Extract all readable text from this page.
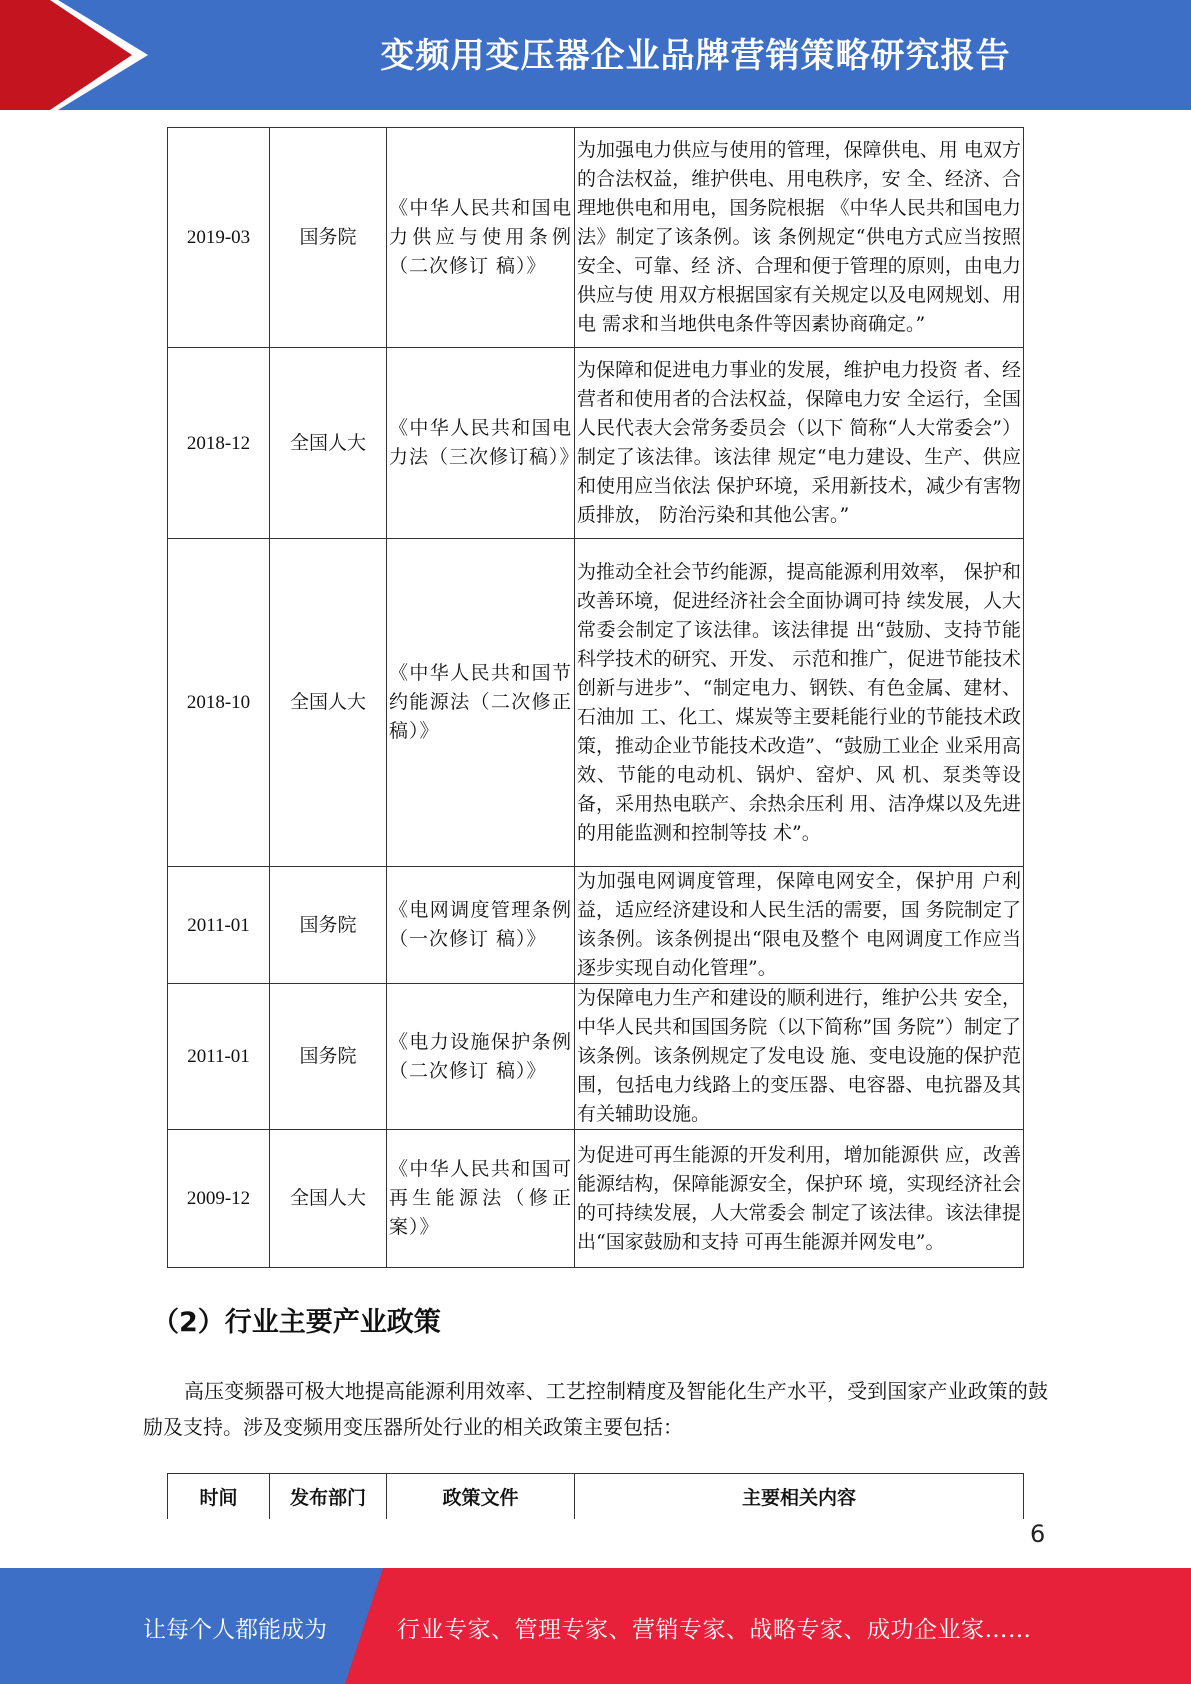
变频用变压器企业品牌营销策略研究报告
2019-03	国务院	《中华人民共和国电力供应与使用条例（二次修订 稿）》	为加强电力供应与使用的管理，保障供电、用 电双方的合法权益，维护供电、用电秩序，安 全、经济、合理地供电和用电，国务院根据 《中华人民共和国电力法》制定了该条例。该 条例规定“供电方式应当按照安全、可靠、经 济、合理和便于管理的原则，由电力供应与使 用双方根据国家有关规定以及电网规划、用电 需求和当地供电条件等因素协商确定。”
2018-12	全国人大	《中华人民共和国电力法（三次修订稿）》	为保障和促进电力事业的发展，维护电力投资 者、经营者和使用者的合法权益，保障电力安 全运行，全国人民代表大会常务委员会（以下 简称“人大常委会”）制定了该法律。该法律 规定“电力建设、生产、供应和使用应当依法 保护环境，采用新技术，减少有害物质排放， 防治污染和其他公害。”
2018-10	全国人大	《中华人民共和国节约能源法（二次修正稿）》	为推动全社会节约能源，提高能源利用效率， 保护和改善环境，促进经济社会全面协调可持 续发展，人大常委会制定了该法律。该法律提 出“鼓励、支持节能科学技术的研究、开发、 示范和推广，促进节能技术创新与进步”、“制定电力、钢铁、有色金属、建材、石油加 工、化工、煤炭等主要耗能行业的节能技术政 策，推动企业节能技术改造”、“鼓励工业企 业采用高效、节能的电动机、锅炉、窑炉、风 机、泵类等设备，采用热电联产、余热余压利 用、洁净煤以及先进的用能监测和控制等技 术”。
2011-01	国务院	《电网调度管理条例（一次修订 稿）》	为加强电网调度管理，保障电网安全，保护用 户利益，适应经济建设和人民生活的需要，国 务院制定了该条例。该条例提出“限电及整个 电网调度工作应当逐步实现自动化管理”。
2011-01	国务院	《电力设施保护条例（二次修订 稿）》	为保障电力生产和建设的顺利进行，维护公共 安全，中华人民共和国国务院（以下简称”国 务院”）制定了该条例。该条例规定了发电设 施、变电设施的保护范围，包括电力线路上的变压器、电容器、电抗器及其有关辅助设施。
2009-12	全国人大	《中华人民共和国可再生能源法（修正案）》	为促进可再生能源的开发利用，增加能源供 应，改善能源结构，保障能源安全，保护环 境，实现经济社会的可持续发展，人大常委会 制定了该法律。该法律提出“国家鼓励和支持 可再生能源并网发电”。
（2）行业主要产业政策
高压变频器可极大地提高能源利用效率、工艺控制精度及智能化生产水平，受到国家产业政策的鼓励及支持。涉及变频用变压器所处行业的相关政策主要包括：
时间	发布部门	政策文件	主要相关内容
6
让每个人都能成为	行业专家、管理专家、营销专家、战略专家、成功企业家……
